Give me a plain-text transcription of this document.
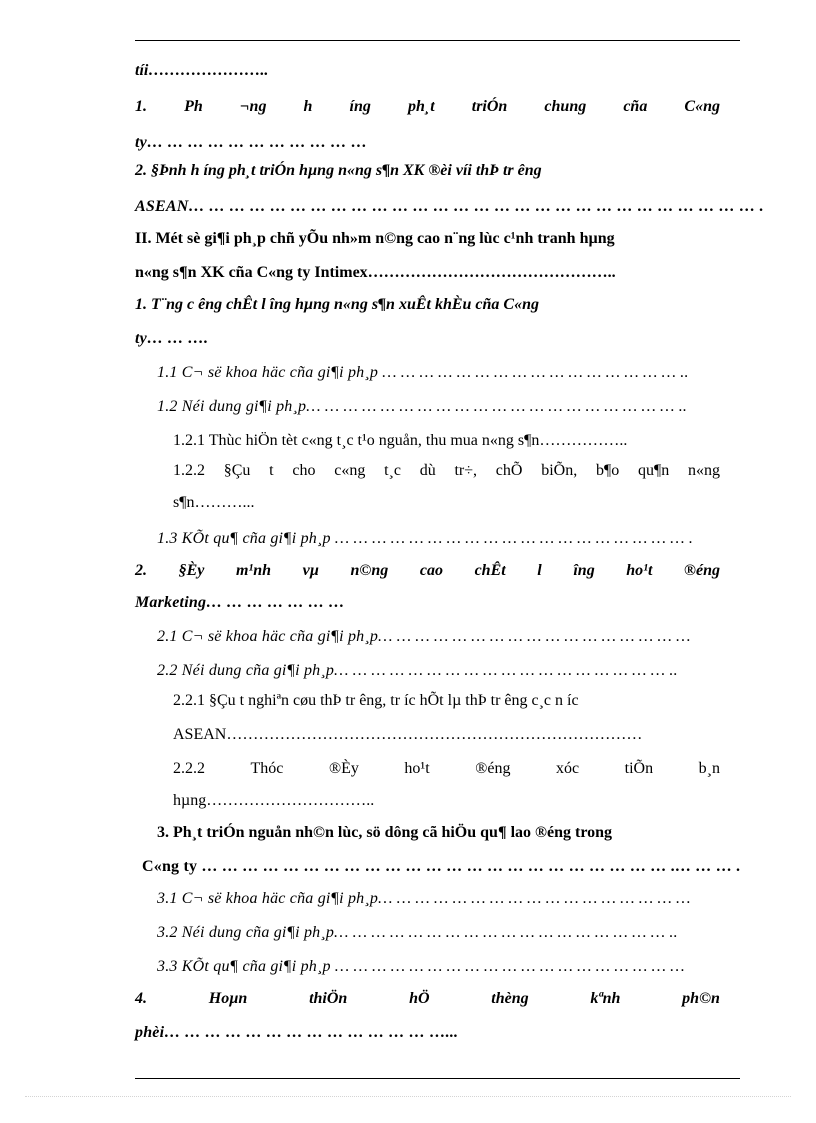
tíi…………………..
1. Ph ¬ng h íng ph¸t triÓn chung cña C«ng
ty… … … … … … … … … … …
2. §Þnh h íng ph¸t triÓn hµng n«ng s¶n XK ®èi víi thÞ tr êng
ASEAN… … … … … … … … … … … … … … … … … … … … … … … … … … … … .
II. Mét sè gi¶i ph¸p chñ yÕu nh»m n©ng cao n¨ng lùc c¹nh tranh hµng
n«ng s¶n XK cña C«ng ty Intimex………………………………………..
1. T¨ng c êng chÊt l îng hµng n«ng s¶n xuÊt khÈu cña C«ng
ty… … ….
1.1 C¬ së khoa häc cña gi¶i ph¸p … … … … … … … … … … … … … … … … ..
1.2 Néi dung gi¶i ph¸p… … … … … … … … … … … … … … … … … … … … ..
1.2.1 Thùc hiÖn tèt c«ng t¸c t¹o nguån, thu mua n«ng s¶n……………..
1.2.2 §Çu t cho c«ng t¸c dù tr÷, chÕ biÕn, b¶o qu¶n n«ng
s¶n………...
1.3 KÕt qu¶ cña gi¶i ph¸p … … … … … … … … … … … … … … … … … … … .
2. §Èy m¹nh vµ n©ng cao chÊt l îng ho¹t ®éng
Marketing… … … … … … …
2.1 C¬ së khoa häc cña gi¶i ph¸p… … … … … … … … … … … … … … … … …
2.2 Néi dung cña gi¶i ph¸p… … … … … … … … … … … … … … … … … … ..
2.2.1 §Çu t nghiªn cøu thÞ tr êng, tr íc hÕt lµ thÞ tr êng c¸c n íc
ASEAN……………………………………………………………………
2.2.2	Thóc	®Èy	ho¹t	®éng	xóc	tiÕn	b¸n
hµng…………………………..
3. Ph¸t triÓn nguån nh©n lùc, sö dông cã hiÖu qu¶ lao ®éng trong
C«ng ty … … … … … … … … … … … … … … … … … … … … … … … .… … … .
3.1 C¬ së khoa häc cña gi¶i ph¸p… … … … … … … … … … … … … … … … …
3.2 Néi dung cña gi¶i ph¸p… … … … … … … … … … … … … … … … … … ..
3.3 KÕt qu¶ cña gi¶i ph¸p … … … … … … … … … … … … … … … … … … …
4.	Hoµn	thiÖn	hÖ	thèng	kªnh	ph©n
phèi… … … … … … … … … … … … … …...
